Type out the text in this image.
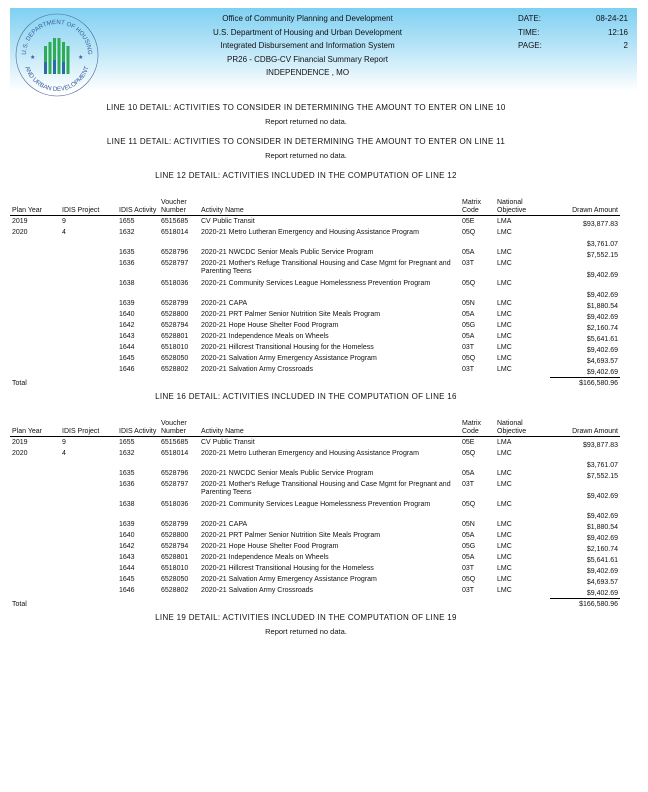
U.S. DEPARTMENT OF HOUSING
AND URBAN DEVELOPMENT
★	★
Office of Community Planning and Development
U.S. Department of Housing and Urban Development
Integrated Disbursement and Information System
PR26 - CDBG-CV Financial Summary Report
INDEPENDENCE , MO
DATE:	08-24-21
TIME:	12:16
PAGE:	2
LINE 10 DETAIL: ACTIVITIES TO CONSIDER IN DETERMINING THE AMOUNT TO ENTER ON LINE 10
Report returned no data.
LINE 11 DETAIL: ACTIVITIES TO CONSIDER IN DETERMINING THE AMOUNT TO ENTER ON LINE 11
Report returned no data.
LINE 12 DETAIL: ACTIVITIES INCLUDED IN THE COMPUTATION OF LINE 12
Plan Year	IDIS Project	IDIS Activity	Voucher Number	Activity Name	Matrix Code	National Objective	Drawn Amount
2019	9	1655	6515685	CV Public Transit	05E	LMA	$93,877.83
2020	4	1632	6518014	2020-21 Metro Lutheran Emergency and Housing Assistance Program	05Q	LMC	$3,761.07
		1635	6528796	2020-21 NWCDC Senior Meals Public Service Program	05A	LMC	$7,552.15
		1636	6528797	2020-21 Mother's Refuge Transitional Housing and Case Mgmt for Pregnant and Parenting Teens	03T	LMC	$9,402.69
		1638	6518036	2020-21 Community Services League Homelessness Prevention Program	05Q	LMC	$9,402.69
		1639	6528799	2020-21 CAPA	05N	LMC	$1,880.54
		1640	6528800	2020-21 PRT Palmer Senior Nutrition Site Meals Program	05A	LMC	$9,402.69
		1642	6528794	2020-21 Hope House Shelter Food Program	05G	LMC	$2,160.74
		1643	6528801	2020-21 Independence Meals on Wheels	05A	LMC	$5,641.61
		1644	6518010	2020-21 Hillcrest Transitional Housing for the Homeless	03T	LMC	$9,402.69
		1645	6528050	2020-21 Salvation Army Emergency Assistance Program	05Q	LMC	$4,693.57
		1646	6528802	2020-21 Salvation Army Crossroads	03T	LMC	$9,402.69
Total							$166,580.96
LINE 16 DETAIL: ACTIVITIES INCLUDED IN THE COMPUTATION OF LINE 16
Plan Year	IDIS Project	IDIS Activity	Voucher Number	Activity Name	Matrix Code	National Objective	Drawn Amount
2019	9	1655	6515685	CV Public Transit	05E	LMA	$93,877.83
2020	4	1632	6518014	2020-21 Metro Lutheran Emergency and Housing Assistance Program	05Q	LMC	$3,761.07
		1635	6528796	2020-21 NWCDC Senior Meals Public Service Program	05A	LMC	$7,552.15
		1636	6528797	2020-21 Mother's Refuge Transitional Housing and Case Mgmt for Pregnant and Parenting Teens	03T	LMC	$9,402.69
		1638	6518036	2020-21 Community Services League Homelessness Prevention Program	05Q	LMC	$9,402.69
		1639	6528799	2020-21 CAPA	05N	LMC	$1,880.54
		1640	6528800	2020-21 PRT Palmer Senior Nutrition Site Meals Program	05A	LMC	$9,402.69
		1642	6528794	2020-21 Hope House Shelter Food Program	05G	LMC	$2,160.74
		1643	6528801	2020-21 Independence Meals on Wheels	05A	LMC	$5,641.61
		1644	6518010	2020-21 Hillcrest Transitional Housing for the Homeless	03T	LMC	$9,402.69
		1645	6528050	2020-21 Salvation Army Emergency Assistance Program	05Q	LMC	$4,693.57
		1646	6528802	2020-21 Salvation Army Crossroads	03T	LMC	$9,402.69
Total							$166,580.96
LINE 19 DETAIL: ACTIVITIES INCLUDED IN THE COMPUTATION OF LINE 19
Report returned no data.
